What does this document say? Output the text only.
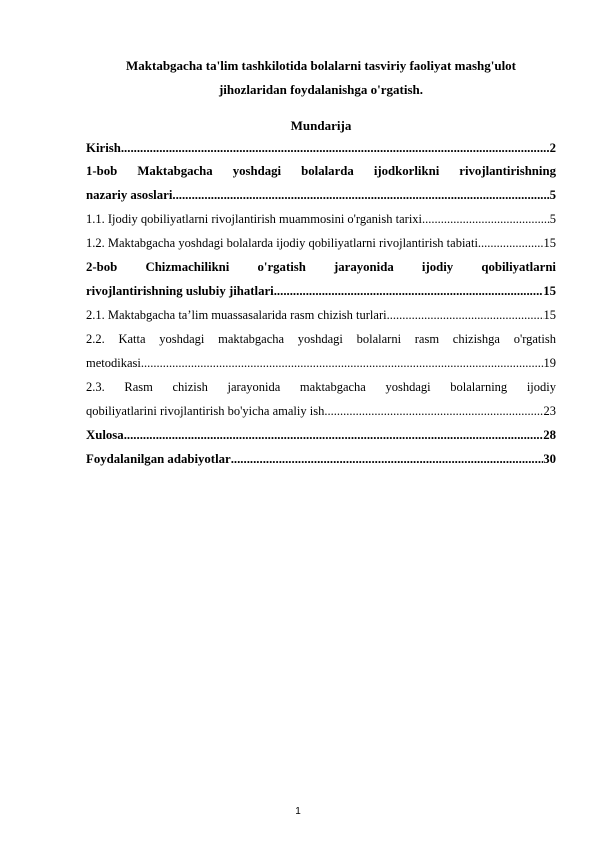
Maktabgacha ta'lim tashkilotida bolalarni tasviriy faoliyat mashg'ulot
jihozlaridan foydalanishga o'rgatish.
Mundarija
Kirish .....	2
1-bob Maktabgacha yoshdagi bolalarda ijodkorlikni rivojlantirishning
nazariy asoslari .....	5
1.1. Ijodiy qobiliyatlarni rivojlantirish muammosini o'rganish tarixi .....	5
1.2. Maktabgacha yoshdagi bolalarda ijodiy qobiliyatlarni rivojlantirish tabiati .....	15
2-bob Chizmachilikni o'rgatish jarayonida ijodiy qobiliyatlarni
rivojlantirishning uslubiy jihatlari .....	15
2.1. Maktabgacha ta’lim muassasalarida rasm chizish turlari .....	15
2.2. Katta yoshdagi maktabgacha yoshdagi bolalarni rasm chizishga o'rgatish
metodikasi .....	19
2.3. Rasm chizish jarayonida maktabgacha yoshdagi bolalarning ijodiy
qobiliyatlarini rivojlantirish bo'yicha amaliy ish .....	23
Xulosa .....	28
Foydalanilgan adabiyotlar .....	30
1
